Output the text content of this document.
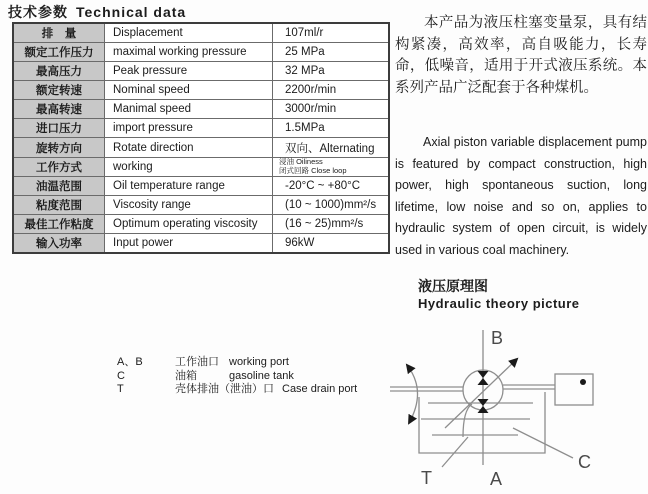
技术参数 Technical data
排　量	Displacement	107ml/r
额定工作压力	maximal working pressure	25 MPa
最高压力	Peak pressure	32 MPa
额定转速	Nominal speed	2200r/min
最高转速	Manimal speed	3000r/min
进口压力	import pressure	1.5MPa
旋转方向	Rotate direction	双向、Alternating
工作方式	working	浸油 Oiliness
闭式回路 Close loop
油温范围	Oil temperature range	-20°C ~ +80°C
粘度范围	Viscosity range	(10 ~ 1000)mm²/s
最佳工作粘度	Optimum operating viscosity	(16 ~ 25)mm²/s
输入功率	Input power	96kW
本产品为液压柱塞变量泵，具有结构紧凑，高效率，高自吸能力，长寿命，低噪音，适用于开式液压系统。本系列产品广泛配套于各种煤机。
Axial piston variable displacement pump is featured by compact construction, high power, high spontaneous suction, long lifetime, low noise and so on, applies to hydraulic system of open circuit, is widely used in various coal machinery.
液压原理图
Hydraulic theory picture
A、B	工作油口 working port
C	油箱	gasoline tank
T	壳体排油（泄油）口 Case drain port
B
A
T
C
